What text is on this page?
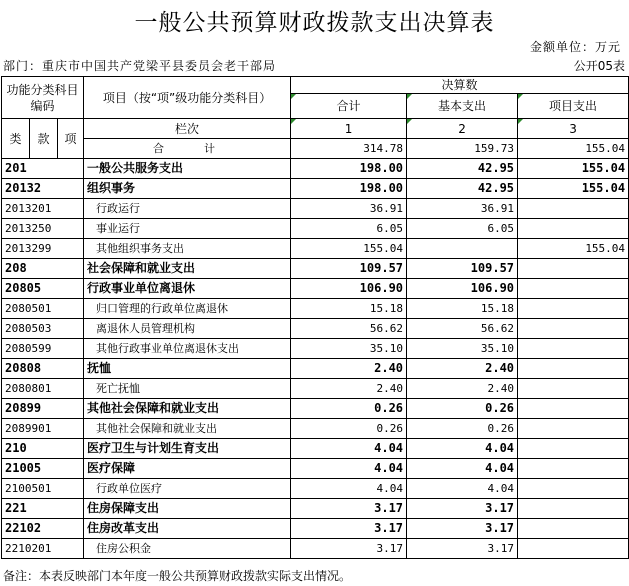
一般公共预算财政拨款支出决算表
金额单位：万元
部门：重庆市中国共产党梁平县委员会老干部局	公开05表
功能分类科目编码			项目（按“项”级功能分类科目）	决算数		
				合计	基本支出	项目支出
类	款	项	栏次	1	2	3
			合　　计	314.78	159.73	155.04
201			一般公共服务支出	198.00	42.95	155.04
20132			组织事务	198.00	42.95	155.04
2013201			行政运行	36.91	36.91	
2013250			事业运行	6.05	6.05	
2013299			其他组织事务支出	155.04		155.04
208			社会保障和就业支出	109.57	109.57	
20805			行政事业单位离退休	106.90	106.90	
2080501			归口管理的行政单位离退休	15.18	15.18	
2080503			离退休人员管理机构	56.62	56.62	
2080599			其他行政事业单位离退休支出	35.10	35.10	
20808			抚恤	2.40	2.40	
2080801			死亡抚恤	2.40	2.40	
20899			其他社会保障和就业支出	0.26	0.26	
2089901			其他社会保障和就业支出	0.26	0.26	
210			医疗卫生与计划生育支出	4.04	4.04	
21005			医疗保障	4.04	4.04	
2100501			行政单位医疗	4.04	4.04	
221			住房保障支出	3.17	3.17	
22102			住房改革支出	3.17	3.17	
2210201			住房公积金	3.17	3.17	
备注：本表反映部门本年度一般公共预算财政拨款实际支出情况。
